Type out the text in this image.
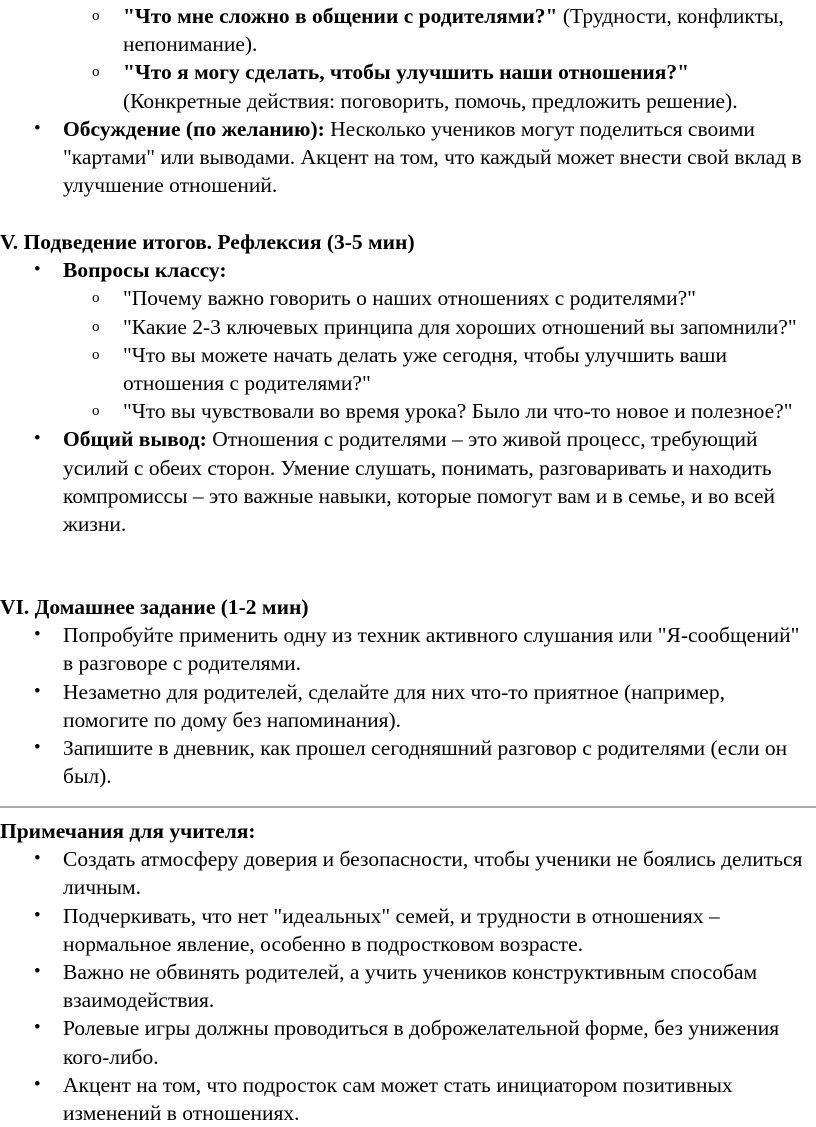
o "Что мне сложно в общении с родителями?" (Трудности, конфликты, непонимание).
o "Что я могу сделать, чтобы улучшить наши отношения?" (Конкретные действия: поговорить, помочь, предложить решение).
• Обсуждение (по желанию): Несколько учеников могут поделиться своими "картами" или выводами. Акцент на том, что каждый может внести свой вклад в улучшение отношений.
V. Подведение итогов. Рефлексия (3-5 мин)
• Вопросы классу:
o "Почему важно говорить о наших отношениях с родителями?"
o "Какие 2-3 ключевых принципа для хороших отношений вы запомнили?"
o "Что вы можете начать делать уже сегодня, чтобы улучшить ваши отношения с родителями?"
o "Что вы чувствовали во время урока? Было ли что-то новое и полезное?"
• Общий вывод: Отношения с родителями – это живой процесс, требующий усилий с обеих сторон. Умение слушать, понимать, разговаривать и находить компромиссы – это важные навыки, которые помогут вам и в семье, и во всей жизни.
VI. Домашнее задание (1-2 мин)
• Попробуйте применить одну из техник активного слушания или "Я-сообщений" в разговоре с родителями.
• Незаметно для родителей, сделайте для них что-то приятное (например, помогите по дому без напоминания).
• Запишите в дневник, как прошел сегодняшний разговор с родителями (если он был).
Примечания для учителя:
• Создать атмосферу доверия и безопасности, чтобы ученики не боялись делиться личным.
• Подчеркивать, что нет "идеальных" семей, и трудности в отношениях – нормальное явление, особенно в подростковом возрасте.
• Важно не обвинять родителей, а учить учеников конструктивным способам взаимодействия.
• Ролевые игры должны проводиться в доброжелательной форме, без унижения кого-либо.
• Акцент на том, что подросток сам может стать инициатором позитивных изменений в отношениях.
